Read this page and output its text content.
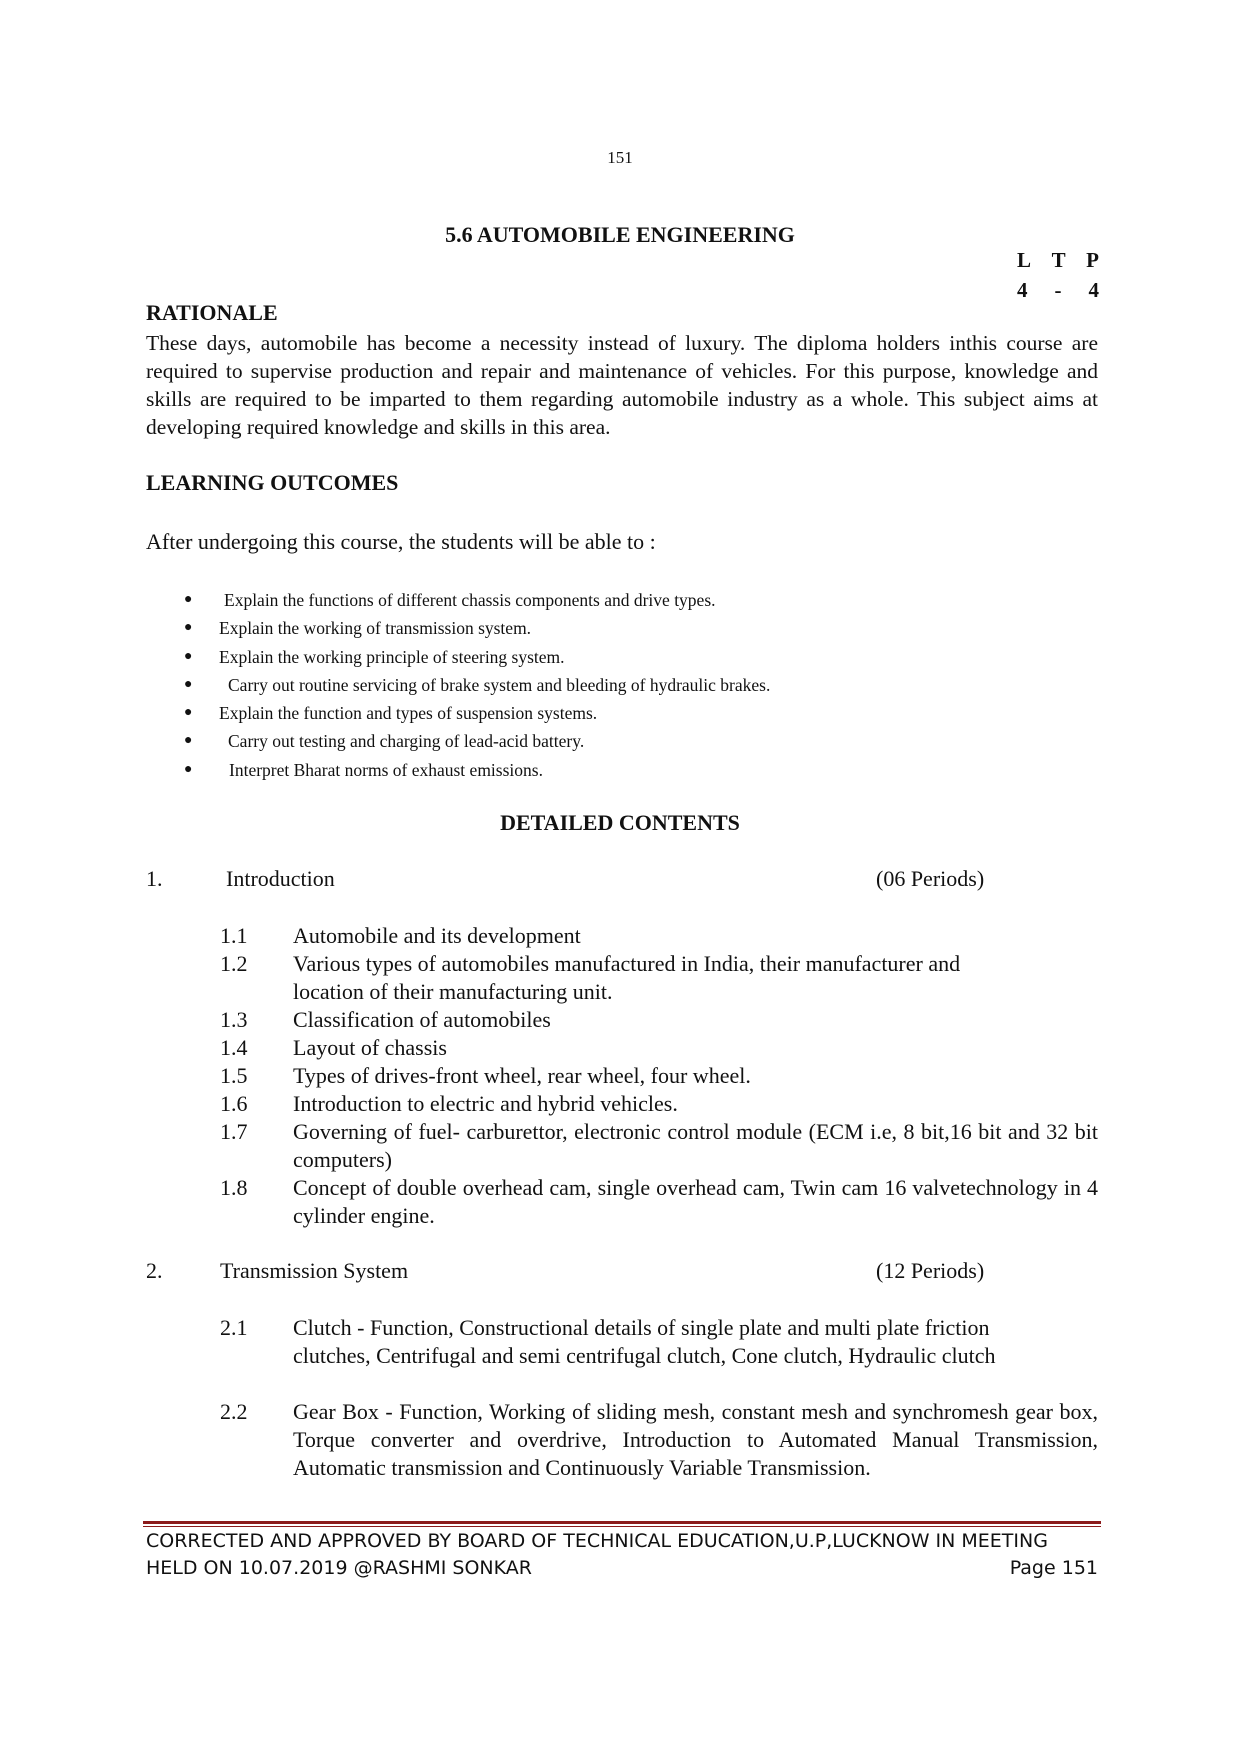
151
5.6 AUTOMOBILE ENGINEERING
L T P
4 - 4
RATIONALE
These days, automobile has become a necessity instead of luxury. The diploma holders inthis course are required to supervise production and repair and maintenance of vehicles. For this purpose, knowledge and skills are required to be imparted to them regarding automobile industry as a whole. This subject aims at developing required knowledge and skills in this area.
LEARNING OUTCOMES
After undergoing this course, the students will be able to :
● Explain the functions of different chassis components and drive types.
● Explain the working of transmission system.
● Explain the working principle of steering system.
● Carry out routine servicing of brake system and bleeding of hydraulic brakes.
● Explain the function and types of suspension systems.
● Carry out testing and charging of lead-acid battery.
● Interpret Bharat norms of exhaust emissions.
DETAILED CONTENTS
1.	Introduction	(06 Periods)
1.1 Automobile and its development
1.2 Various types of automobiles manufactured in India, their manufacturer and location of their manufacturing unit.
1.3 Classification of automobiles
1.4 Layout of chassis
1.5 Types of drives-front wheel, rear wheel, four wheel.
1.6 Introduction to electric and hybrid vehicles.
1.7 Governing of fuel- carburettor, electronic control module (ECM i.e, 8 bit,16 bit and 32 bit computers)
1.8 Concept of double overhead cam, single overhead cam, Twin cam 16 valvetechnology in 4 cylinder engine.
2.	Transmission System	(12 Periods)
2.1 Clutch - Function, Constructional details of single plate and multi plate friction clutches, Centrifugal and semi centrifugal clutch, Cone clutch, Hydraulic clutch
2.2 Gear Box - Function, Working of sliding mesh, constant mesh and synchromesh gear box, Torque converter and overdrive, Introduction to Automated Manual Transmission, Automatic transmission and Continuously Variable Transmission.
CORRECTED AND APPROVED BY BOARD OF TECHNICAL EDUCATION,U.P,LUCKNOW IN MEETING
HELD ON 10.07.2019 @RASHMI SONKAR	Page 151
